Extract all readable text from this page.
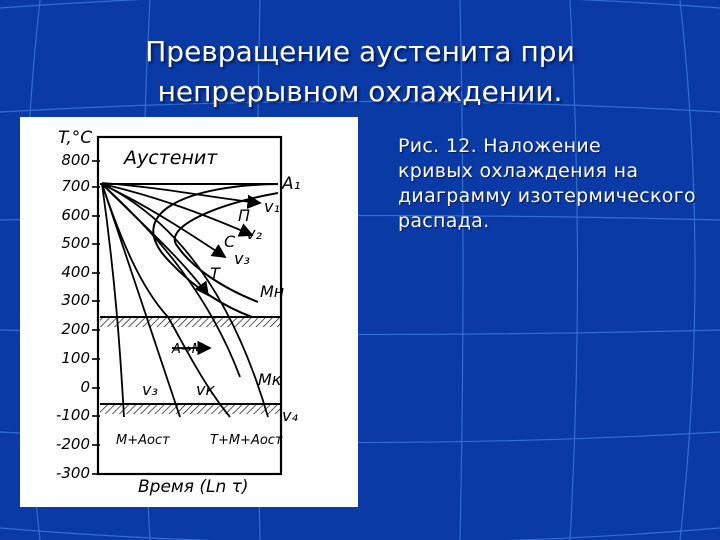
Превращение аустенита при
непрерывном охлаждении.
T,°C
800
700
600
500
400
300
200
100
0
-100
-200
-300
Аустенит
A₁
Мн
Мк
П v₁
С v₂
v₃
Т
A→M
v₃ vк
v₄
М+Аост	Т+М+Аост
Время (Ln τ)
Рис. 12. Наложение
кривых охлаждения на диаграмму изотермического распада.
